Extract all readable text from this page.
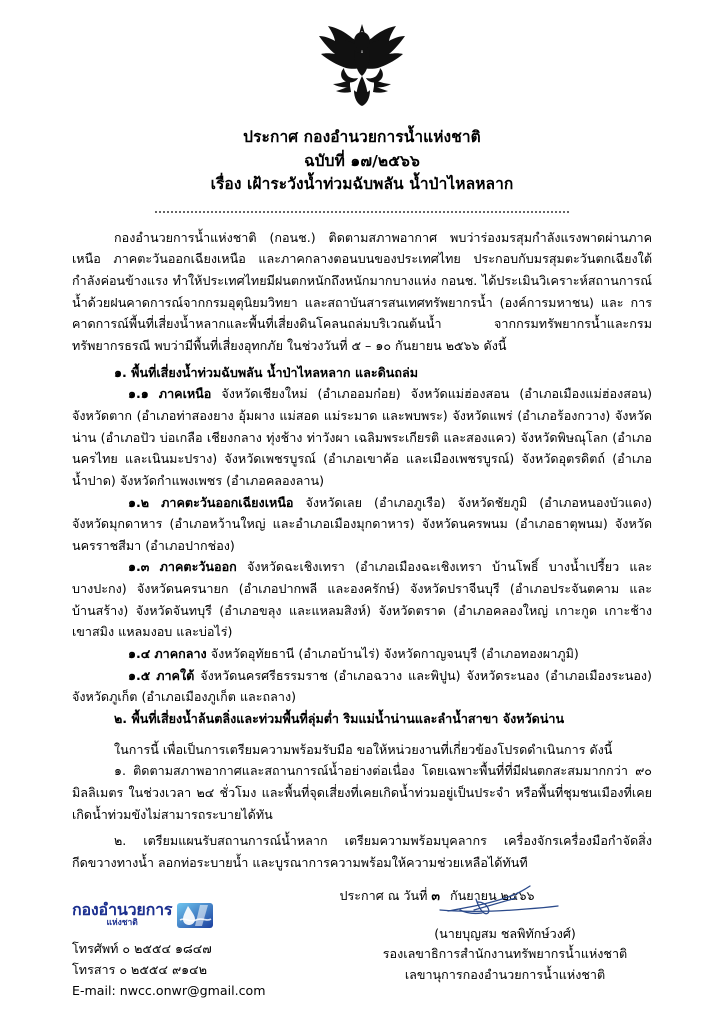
ประกาศ กองอำนวยการน้ำแห่งชาติ
ฉบับที่ ๑๗/๒๕๖๖
เรื่อง เฝ้าระวังน้ำท่วมฉับพลัน น้ำป่าไหลหลาก

กองอำนวยการน้ำแห่งชาติ (กอนช.) ติดตามสภาพอากาศ พบว่าร่องมรสุมกำลังแรงพาดผ่านภาคเหนือ ภาคตะวันออกเฉียงเหนือ และภาคกลางตอนบนของประเทศไทย ประกอบกับมรสุมตะวันตกเฉียงใต้กำลังค่อนข้างแรง ทำให้ประเทศไทยมีฝนตกหนักถึงหนักมากบางแห่ง กอนช. ได้ประเมินวิเคราะห์สถานการณ์น้ำด้วยฝนคาดการณ์จากกรมอุตุนิยมวิทยา และสถาบันสารสนเทศทรัพยากรน้ำ (องค์การมหาชน) และ การคาดการณ์พื้นที่เสี่ยงน้ำหลากและพื้นที่เสี่ยงดินโคลนถล่มบริเวณต้นน้ำ จากกรมทรัพยากรน้ำและกรมทรัพยากรธรณี พบว่ามีพื้นที่เสี่ยงอุทกภัย ในช่วงวันที่ ๕ – ๑๐ กันยายน ๒๕๖๖ ดังนี้

๑. พื้นที่เสี่ยงน้ำท่วมฉับพลัน น้ำป่าไหลหลาก และดินถล่ม

๑.๑ ภาคเหนือ จังหวัดเชียงใหม่ (อำเภออมก๋อย) จังหวัดแม่ฮ่องสอน (อำเภอเมืองแม่ฮ่องสอน) จังหวัดตาก (อำเภอท่าสองยาง อุ้มผาง แม่สอด แม่ระมาด และพบพระ) จังหวัดแพร่ (อำเภอร้องกวาง) จังหวัดน่าน (อำเภอปัว บ่อเกลือ เชียงกลาง ทุ่งช้าง ท่าวังผา เฉลิมพระเกียรติ และสองแคว) จังหวัดพิษณุโลก (อำเภอนครไทย และเนินมะปราง) จังหวัดเพชรบูรณ์ (อำเภอเขาค้อ และเมืองเพชรบูรณ์) จังหวัดอุตรดิตถ์ (อำเภอน้ำปาด) จังหวัดกำแพงเพชร (อำเภอคลองลาน)

๑.๒ ภาคตะวันออกเฉียงเหนือ จังหวัดเลย (อำเภอภูเรือ) จังหวัดชัยภูมิ (อำเภอหนองบัวแดง) จังหวัดมุกดาหาร (อำเภอหว้านใหญ่ และอำเภอเมืองมุกดาหาร) จังหวัดนครพนม (อำเภอธาตุพนม) จังหวัดนครราชสีมา (อำเภอปากช่อง)

๑.๓ ภาคตะวันออก จังหวัดฉะเชิงเทรา (อำเภอเมืองฉะเชิงเทรา บ้านโพธิ์ บางน้ำเปรี้ยว และบางปะกง) จังหวัดนครนายก (อำเภอปากพลี และองครักษ์) จังหวัดปราจีนบุรี (อำเภอประจันตคาม และบ้านสร้าง) จังหวัดจันทบุรี (อำเภอขลุง และแหลมสิงห์) จังหวัดตราด (อำเภอคลองใหญ่ เกาะกูด เกาะช้าง เขาสมิง แหลมงอบ และบ่อไร่)

๑.๔ ภาคกลาง จังหวัดอุทัยธานี (อำเภอบ้านไร่) จังหวัดกาญจนบุรี (อำเภอทองผาภูมิ)

๑.๕ ภาคใต้ จังหวัดนครศรีธรรมราช (อำเภอฉวาง และพิปูน) จังหวัดระนอง (อำเภอเมืองระนอง) จังหวัดภูเก็ต (อำเภอเมืองภูเก็ต และถลาง)

๒. พื้นที่เสี่ยงน้ำล้นตลิ่งและท่วมพื้นที่ลุ่มต่ำ ริมแม่น้ำน่านและลำน้ำสาขา จังหวัดน่าน

ในการนี้ เพื่อเป็นการเตรียมความพร้อมรับมือ ขอให้หน่วยงานที่เกี่ยวข้องโปรดดำเนินการ ดังนี้

๑. ติดตามสภาพอากาศและสถานการณ์น้ำอย่างต่อเนื่อง โดยเฉพาะพื้นที่ที่มีฝนตกสะสมมากกว่า ๙๐ มิลลิเมตร ในช่วงเวลา ๒๔ ชั่วโมง และพื้นที่จุดเสี่ยงที่เคยเกิดน้ำท่วมอยู่เป็นประจำ หรือพื้นที่ชุมชนเมืองที่เคยเกิดน้ำท่วมขังไม่สามารถระบายได้ทัน

๒. เตรียมแผนรับสถานการณ์น้ำหลาก เตรียมความพร้อมบุคลากร เครื่องจักรเครื่องมือกำจัดสิ่งกีดขวางทางน้ำ ลอกท่อระบายน้ำ และบูรณาการความพร้อมให้ความช่วยเหลือได้ทันที

ประกาศ ณ วันที่ ๓ กันยายน ๒๕๖๖
(นายบุญสม ชลพิทักษ์วงศ์)
รองเลขาธิการสำนักงานทรัพยากรน้ำแห่งชาติ
เลขานุการกองอำนวยการน้ำแห่งชาติ
กองอำนวยการ
แห่งชาติ
โทรศัพท์ ๐ ๒๕๕๔ ๑๘๔๗
โทรสาร ๐ ๒๕๕๔ ๙๑๔๒
E-mail: nwcc.onwr@gmail.com
